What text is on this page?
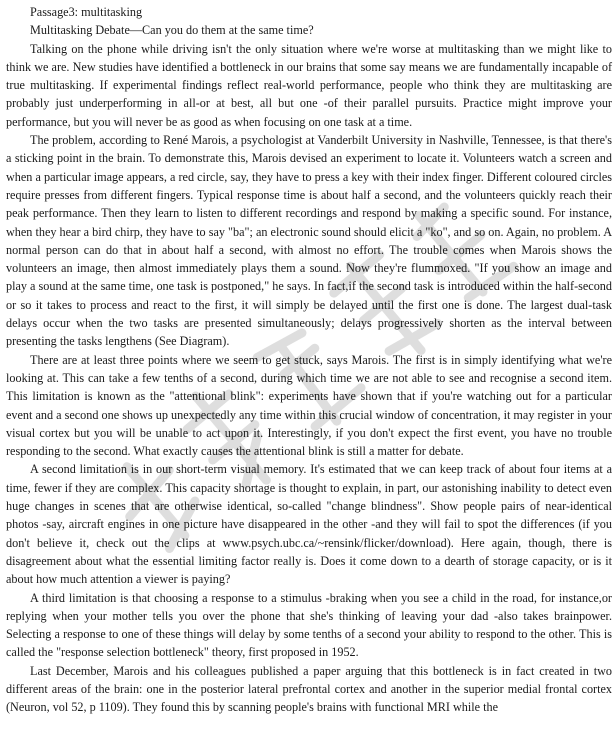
Passage3: multitasking

Multitasking Debate—Can you do them at the same time?

Talking on the phone while driving isn't the only situation where we're worse at multitasking than we might like to think we are. New studies have identified a bottleneck in our brains that some say means we are fundamentally incapable of true multitasking. If experimental findings reflect real-world performance, people who think they are multitasking are probably just underperforming in all-or at best, all but one -of their parallel pursuits. Practice might improve your performance, but you will never be as good as when focusing on one task at a time.

The problem, according to René Marois, a psychologist at Vanderbilt University in Nashville, Tennessee, is that there's a sticking point in the brain. To demonstrate this, Marois devised an experiment to locate it. Volunteers watch a screen and when a particular image appears, a red circle, say, they have to press a key with their index finger. Different coloured circles require presses from different fingers. Typical response time is about half a second, and the volunteers quickly reach their peak performance. Then they learn to listen to different recordings and respond by making a specific sound. For instance, when they hear a bird chirp, they have to say "ba"; an electronic sound should elicit a "ko", and so on. Again, no problem. A normal person can do that in about half a second, with almost no effort. The trouble comes when Marois shows the volunteers an image, then almost immediately plays them a sound. Now they're flummoxed. "If you show an image and play a sound at the same time, one task is postponed," he says. In fact,if the second task is introduced within the half-second or so it takes to process and react to the first, it will simply be delayed until the first one is done. The largest dual-task delays occur when the two tasks are presented simultaneously; delays progressively shorten as the interval between presenting the tasks lengthens (See Diagram).

There are at least three points where we seem to get stuck, says Marois. The first is in simply identifying what we're looking at. This can take a few tenths of a second, during which time we are not able to see and recognise a second item. This limitation is known as the "attentional blink": experiments have shown that if you're watching out for a particular event and a second one shows up unexpectedly any time within this crucial window of concentration, it may register in your visual cortex but you will be unable to act upon it. Interestingly, if you don't expect the first event, you have no trouble responding to the second. What exactly causes the attentional blink is still a matter for debate.

A second limitation is in our short-term visual memory. It's estimated that we can keep track of about four items at a time, fewer if they are complex. This capacity shortage is thought to explain, in part, our astonishing inability to detect even huge changes in scenes that are otherwise identical, so-called "change blindness". Show people pairs of near-identical photos -say, aircraft engines in one picture have disappeared in the other -and they will fail to spot the differences (if you don't believe it, check out the clips at www.psych.ubc.ca/~rensink/flicker/download). Here again, though, there is disagreement about what the essential limiting factor really is. Does it come down to a dearth of storage capacity, or is it about how much attention a viewer is paying?

A third limitation is that choosing a response to a stimulus -braking when you see a child in the road, for instance,or replying when your mother tells you over the phone that she's thinking of leaving your dad -also takes brainpower. Selecting a response to one of these things will delay by some tenths of a second your ability to respond to the other. This is called the "response selection bottleneck" theory, first proposed in 1952.

Last December, Marois and his colleagues published a paper arguing that this bottleneck is in fact created in two different areas of the brain: one in the posterior lateral prefrontal cortex and another in the superior medial frontal cortex (Neuron, vol 52, p 1109). They found this by scanning people's brains with functional MRI while the
